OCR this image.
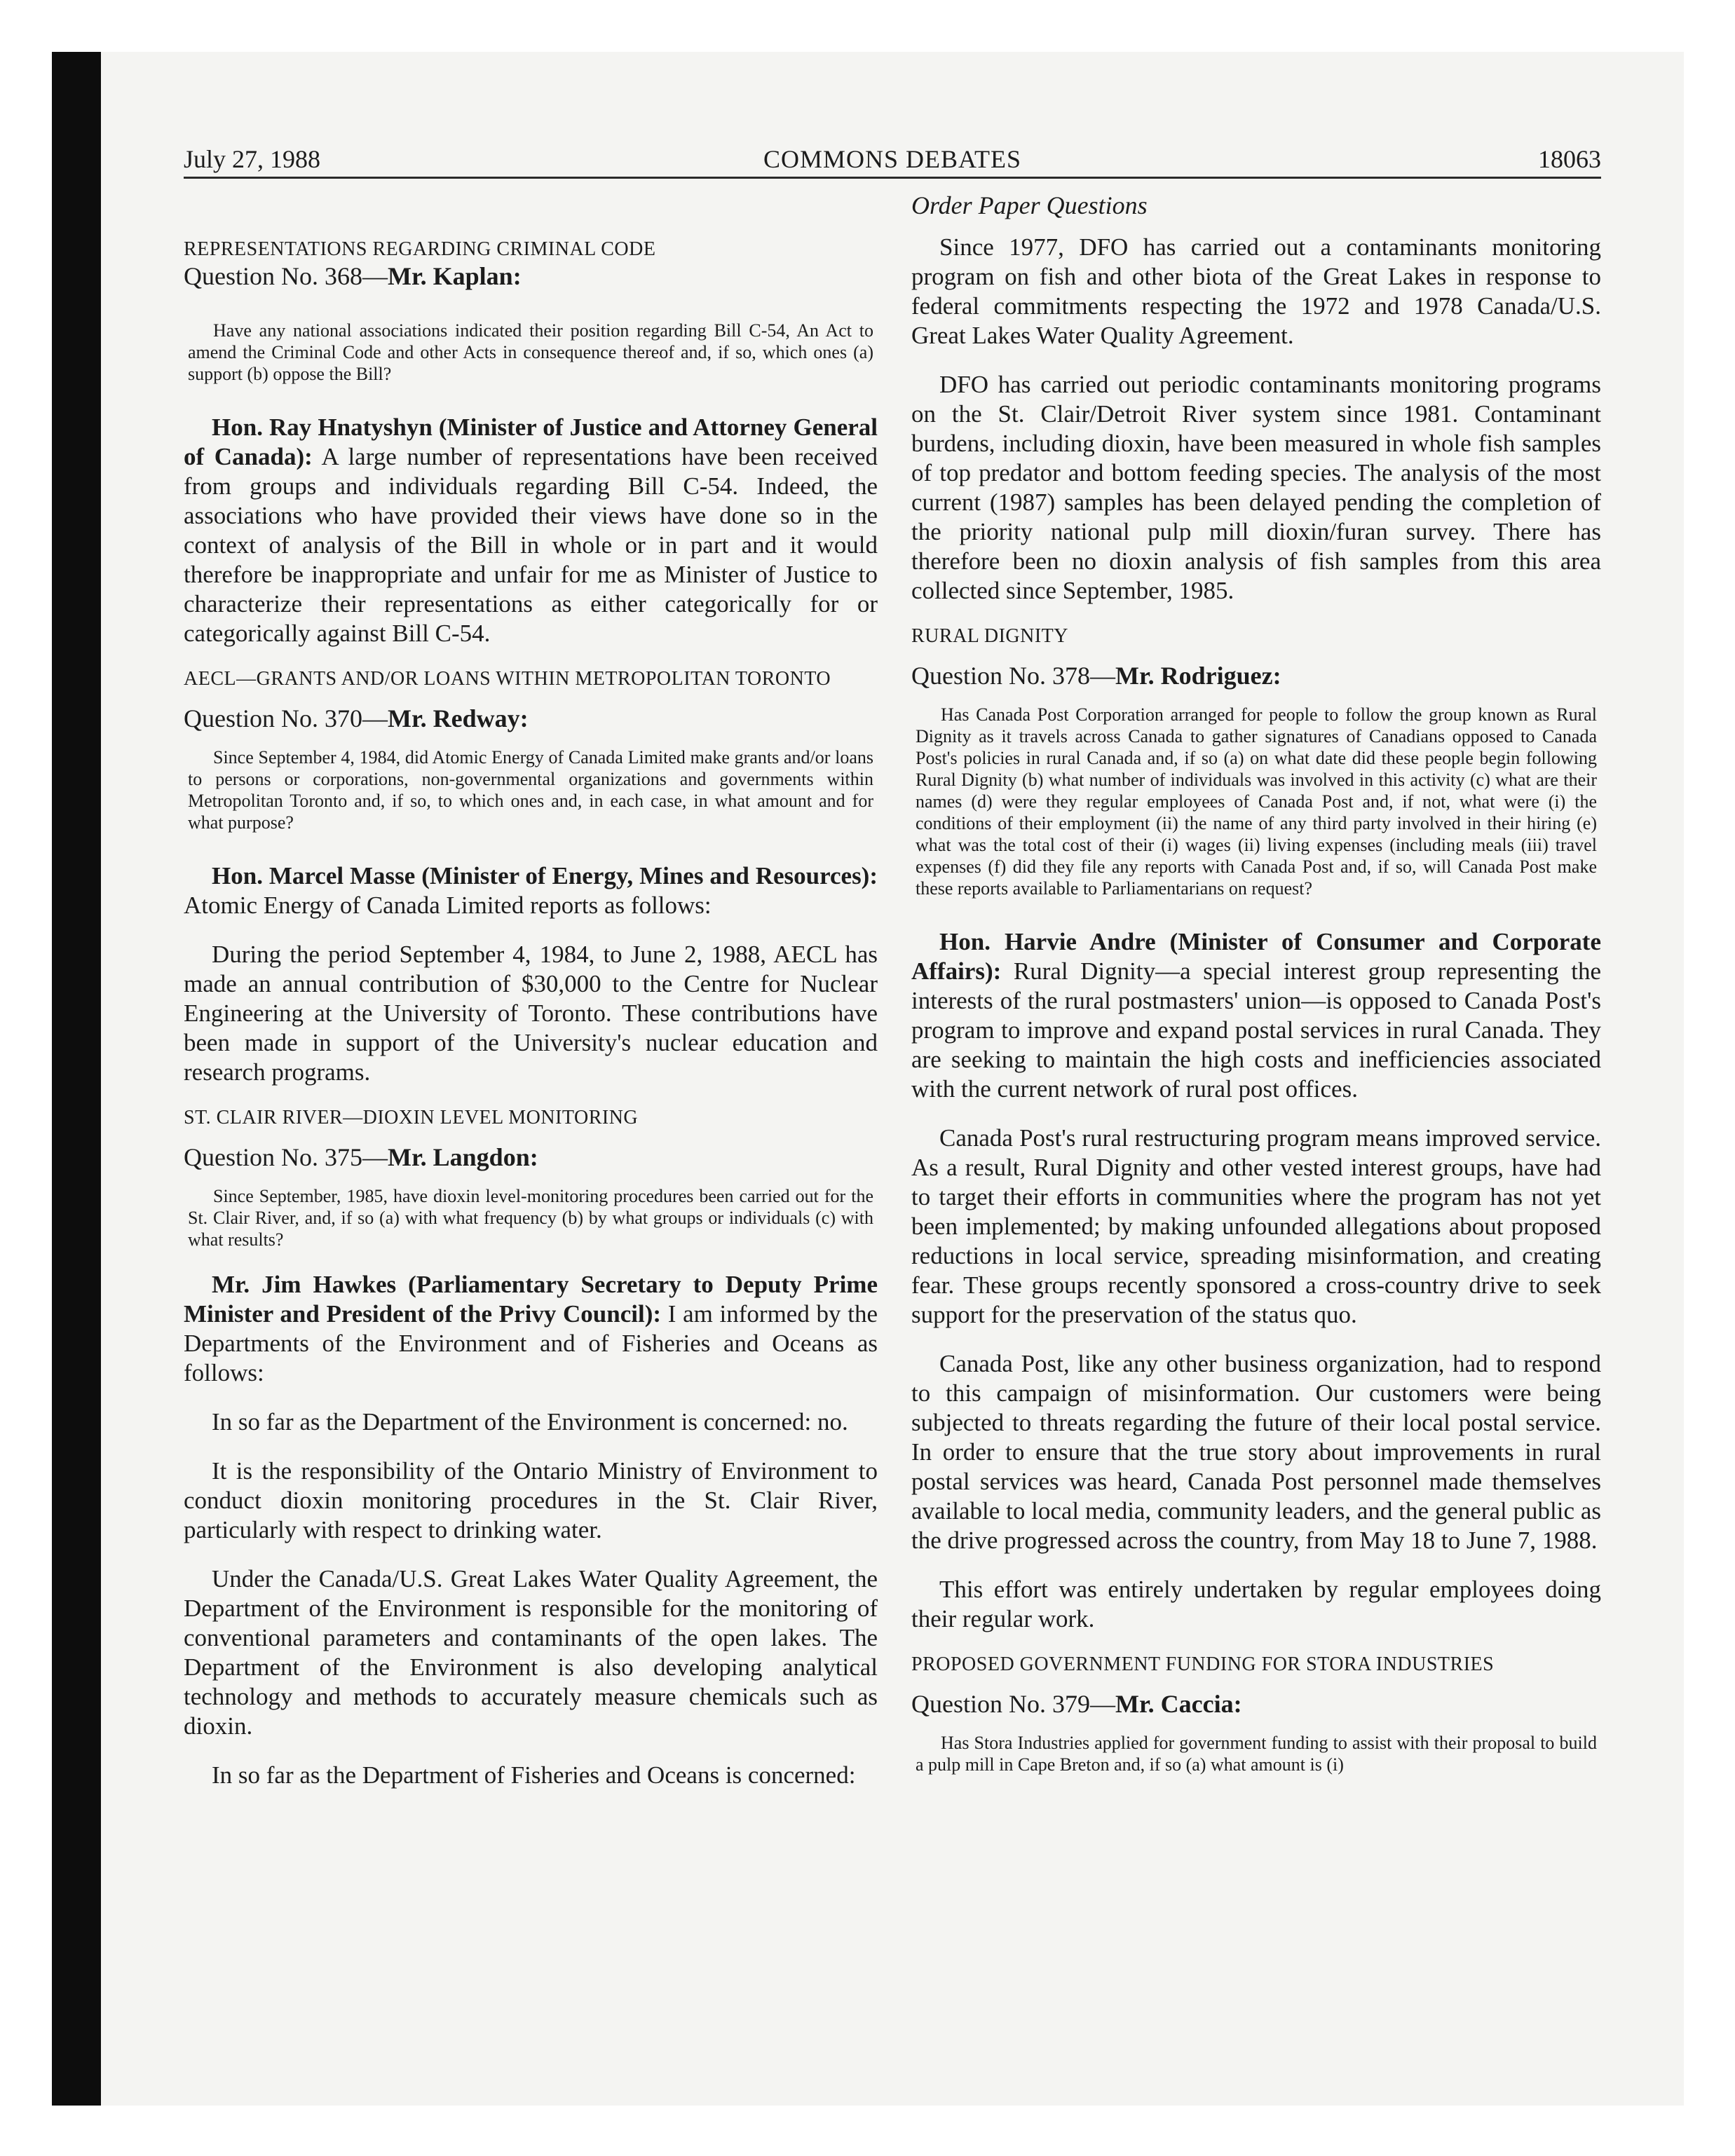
July 27, 1988	COMMONS DEBATES	18063

REPRESENTATIONS REGARDING CRIMINAL CODE

Question No. 368—Mr. Kaplan:

Have any national associations indicated their position regarding Bill C-54, An Act to amend the Criminal Code and other Acts in consequence thereof and, if so, which ones (a) support (b) oppose the Bill?

Hon. Ray Hnatyshyn (Minister of Justice and Attorney General of Canada): A large number of representations have been received from groups and individuals regarding Bill C-54. Indeed, the associations who have provided their views have done so in the context of analysis of the Bill in whole or in part and it would therefore be inappropriate and unfair for me as Minister of Justice to characterize their representations as either categorically for or categorically against Bill C-54.

AECL—GRANTS AND/OR LOANS WITHIN METROPOLITAN TORONTO

Question No. 370—Mr. Redway:

Since September 4, 1984, did Atomic Energy of Canada Limited make grants and/or loans to persons or corporations, non-governmental organizations and governments within Metropolitan Toronto and, if so, to which ones and, in each case, in what amount and for what purpose?

Hon. Marcel Masse (Minister of Energy, Mines and Resources): Atomic Energy of Canada Limited reports as follows:

During the period September 4, 1984, to June 2, 1988, AECL has made an annual contribution of $30,000 to the Centre for Nuclear Engineering at the University of Toronto. These contributions have been made in support of the University's nuclear education and research programs.

ST. CLAIR RIVER—DIOXIN LEVEL MONITORING

Question No. 375—Mr. Langdon:

Since September, 1985, have dioxin level-monitoring procedures been carried out for the St. Clair River, and, if so (a) with what frequency (b) by what groups or individuals (c) with what results?

Mr. Jim Hawkes (Parliamentary Secretary to Deputy Prime Minister and President of the Privy Council): I am informed by the Departments of the Environment and of Fisheries and Oceans as follows:

In so far as the Department of the Environment is concerned: no.

It is the responsibility of the Ontario Ministry of Environment to conduct dioxin monitoring procedures in the St. Clair River, particularly with respect to drinking water.

Under the Canada/U.S. Great Lakes Water Quality Agreement, the Department of the Environment is responsible for the monitoring of conventional parameters and contaminants of the open lakes. The Department of the Environment is also developing analytical technology and methods to accurately measure chemicals such as dioxin.

In so far as the Department of Fisheries and Oceans is concerned:

Order Paper Questions

Since 1977, DFO has carried out a contaminants monitoring program on fish and other biota of the Great Lakes in response to federal commitments respecting the 1972 and 1978 Canada/U.S. Great Lakes Water Quality Agreement.

DFO has carried out periodic contaminants monitoring programs on the St. Clair/Detroit River system since 1981. Contaminant burdens, including dioxin, have been measured in whole fish samples of top predator and bottom feeding species. The analysis of the most current (1987) samples has been delayed pending the completion of the priority national pulp mill dioxin/furan survey. There has therefore been no dioxin analysis of fish samples from this area collected since September, 1985.

RURAL DIGNITY

Question No. 378—Mr. Rodriguez:

Has Canada Post Corporation arranged for people to follow the group known as Rural Dignity as it travels across Canada to gather signatures of Canadians opposed to Canada Post's policies in rural Canada and, if so (a) on what date did these people begin following Rural Dignity (b) what number of individuals was involved in this activity (c) what are their names (d) were they regular employees of Canada Post and, if not, what were (i) the conditions of their employment (ii) the name of any third party involved in their hiring (e) what was the total cost of their (i) wages (ii) living expenses (including meals (iii) travel expenses (f) did they file any reports with Canada Post and, if so, will Canada Post make these reports available to Parliamentarians on request?

Hon. Harvie Andre (Minister of Consumer and Corporate Affairs): Rural Dignity—a special interest group representing the interests of the rural postmasters' union—is opposed to Canada Post's program to improve and expand postal services in rural Canada. They are seeking to maintain the high costs and inefficiencies associated with the current network of rural post offices.

Canada Post's rural restructuring program means improved service. As a result, Rural Dignity and other vested interest groups, have had to target their efforts in communities where the program has not yet been implemented; by making unfounded allegations about proposed reductions in local service, spreading misinformation, and creating fear. These groups recently sponsored a cross-country drive to seek support for the preservation of the status quo.

Canada Post, like any other business organization, had to respond to this campaign of misinformation. Our customers were being subjected to threats regarding the future of their local postal service. In order to ensure that the true story about improvements in rural postal services was heard, Canada Post personnel made themselves available to local media, community leaders, and the general public as the drive progressed across the country, from May 18 to June 7, 1988.

This effort was entirely undertaken by regular employees doing their regular work.

PROPOSED GOVERNMENT FUNDING FOR STORA INDUSTRIES

Question No. 379—Mr. Caccia:

Has Stora Industries applied for government funding to assist with their proposal to build a pulp mill in Cape Breton and, if so (a) what amount is (i)
